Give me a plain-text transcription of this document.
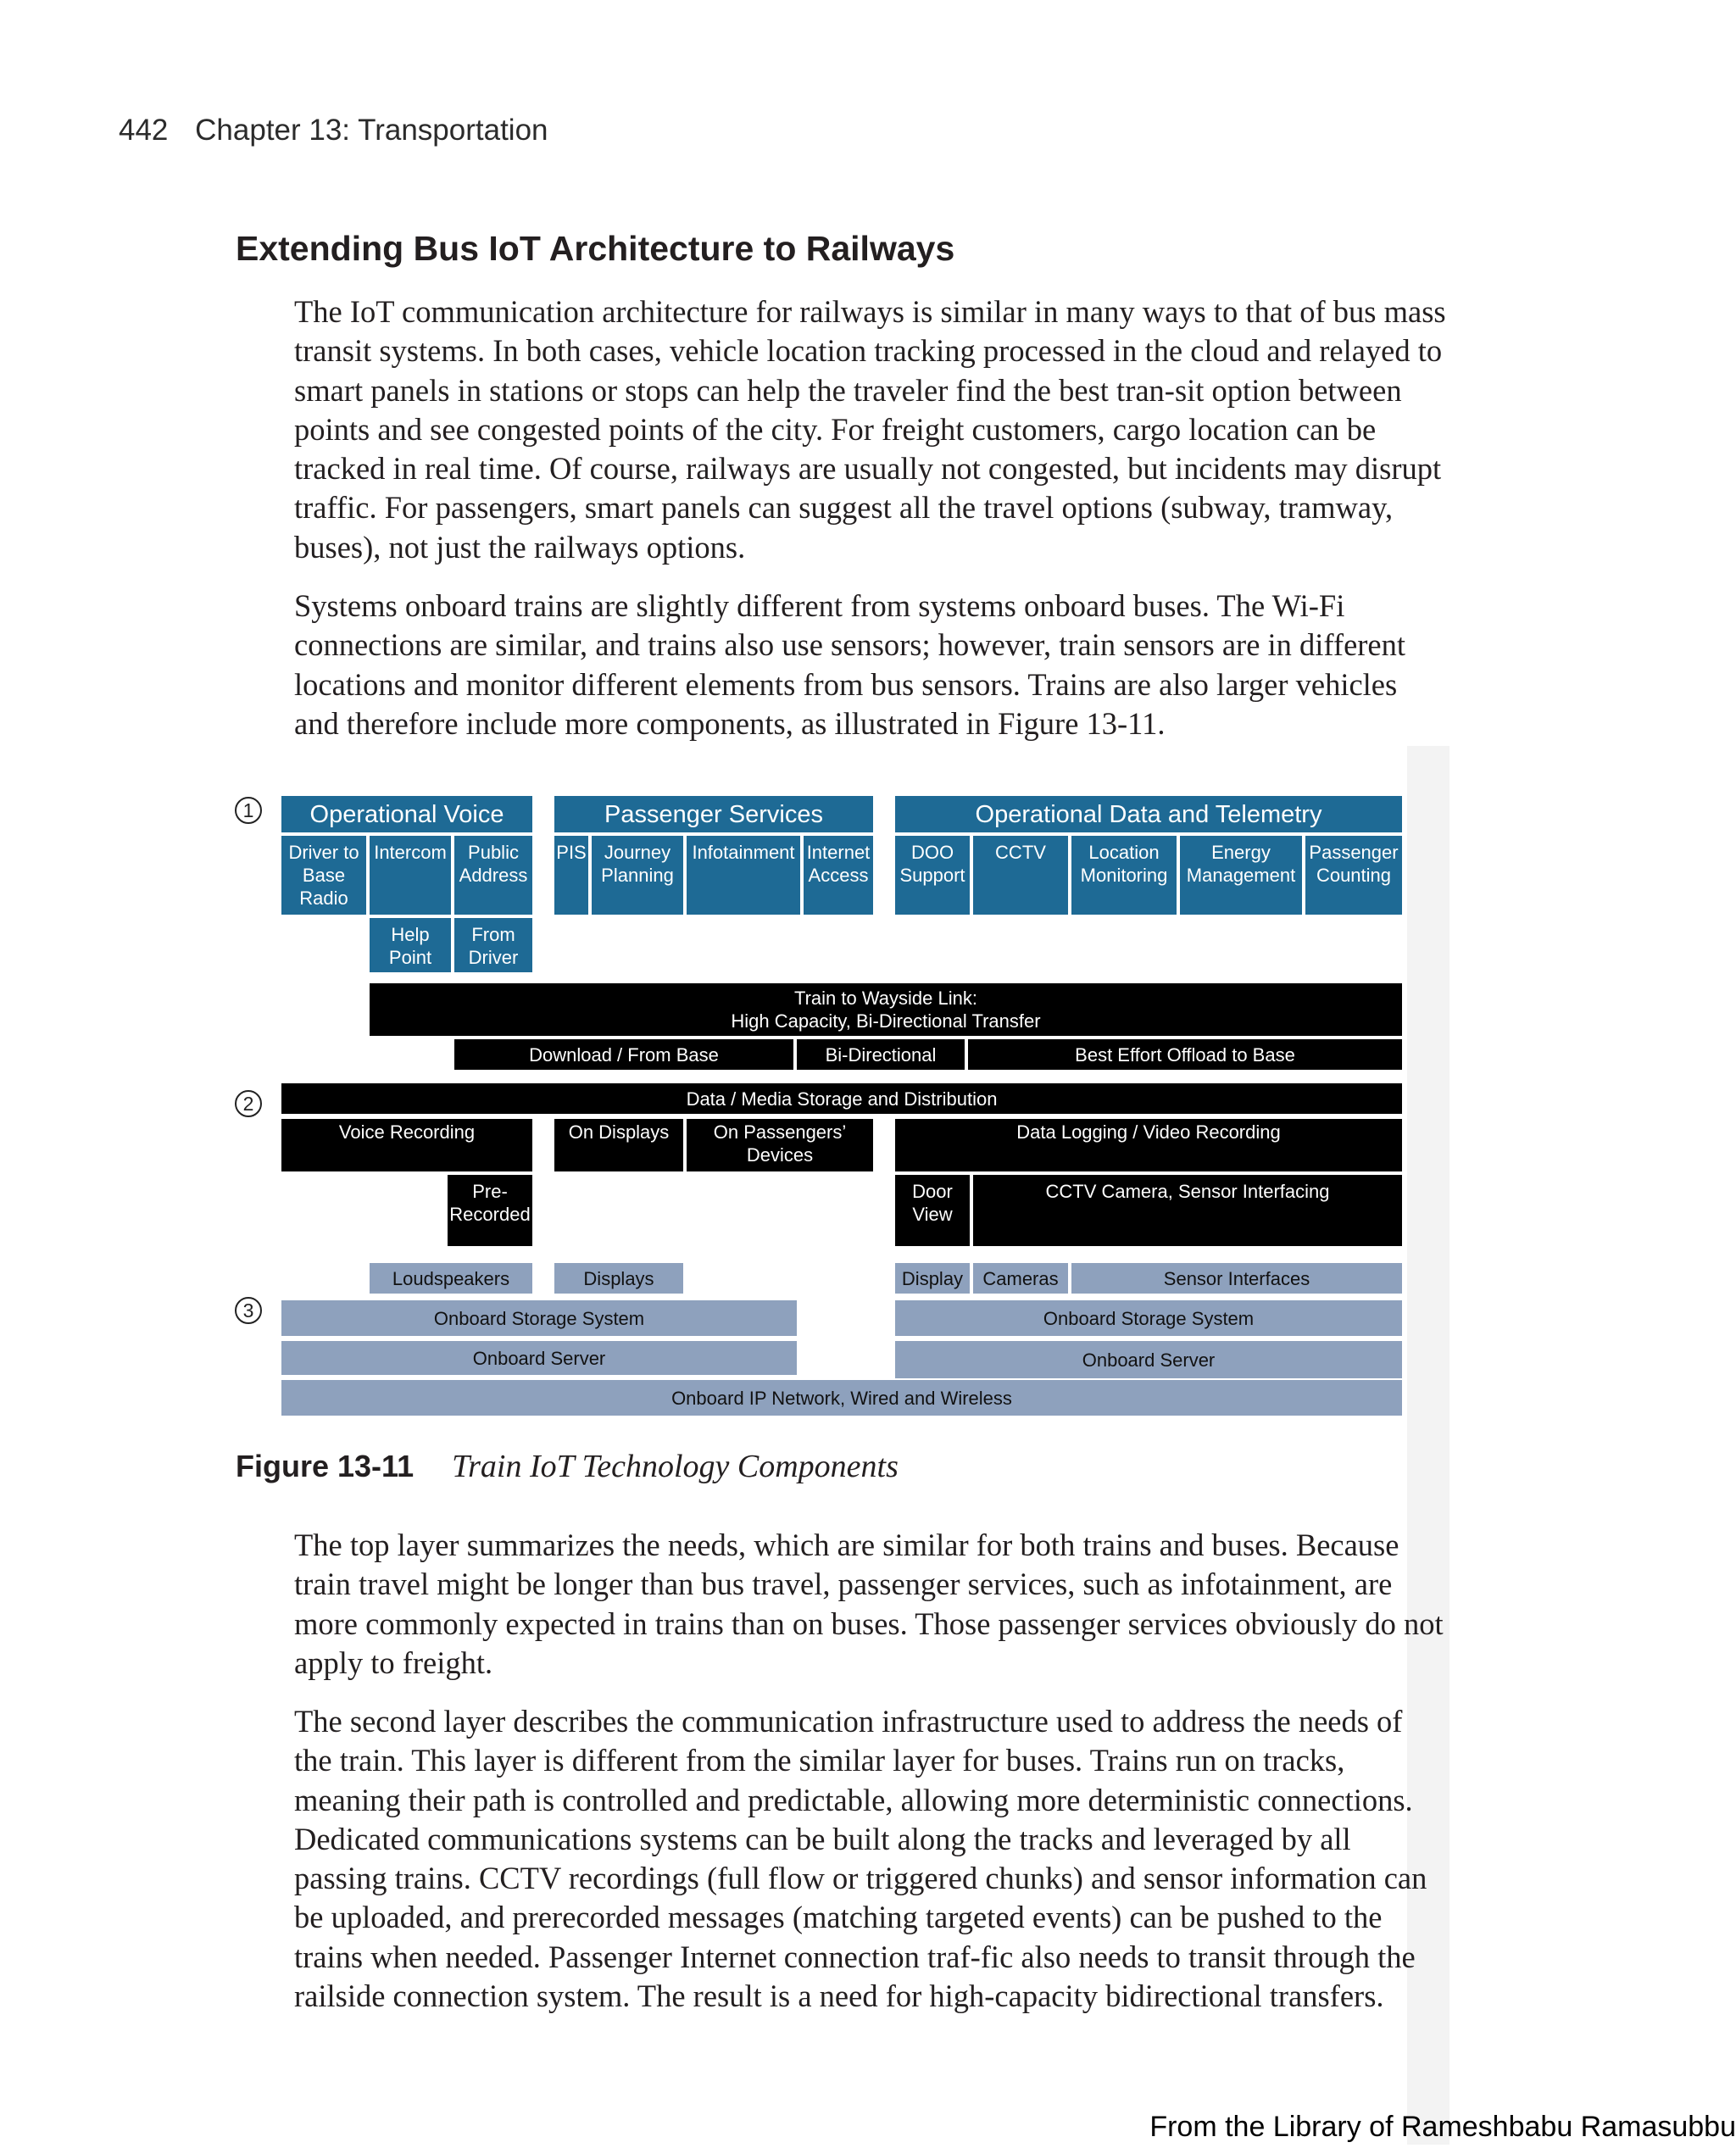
442 Chapter 13: Transportation
Extending Bus IoT Architecture to Railways

The IoT communication architecture for railways is similar in many ways to that of bus mass transit systems. In both cases, vehicle location tracking processed in the cloud and relayed to smart panels in stations or stops can help the traveler find the best tran-sit option between points and see congested points of the city. For freight customers, cargo location can be tracked in real time. Of course, railways are usually not congested, but incidents may disrupt traffic. For passengers, smart panels can suggest all the travel options (subway, tramway, buses), not just the railways options.

Systems onboard trains are slightly different from systems onboard buses. The Wi-Fi connections are similar, and trains also use sensors; however, train sensors are in different locations and monitor different elements from bus sensors. Trains are also larger vehicles and therefore include more components, as illustrated in Figure 13-11.

1
2
3
Operational Voice	Passenger Services	Operational Data and Telemetry
Driver to
Base
Radio
Intercom	Public
Address
Help
Point
From
Driver
PIS Journey
Planning
Infotainment Internet
Access
DOO
Support
CCTV	Location
Monitoring
Energy
Management
Passenger
Counting
Train to Wayside Link:
High Capacity, Bi-Directional Transfer
Download / From Base	Bi-Directional	Best Effort Offload to Base
Data / Media Storage and Distribution
Voice Recording	On Displays	On Passengers’
Devices
Data Logging / Video Recording
Pre-
Recorded
Door
View
CCTV Camera, Sensor Interfacing
Loudspeakers	Displays	Display	Cameras	Sensor Interfaces
Onboard Storage System	Onboard Storage System
Onboard Server	Onboard Server
Onboard IP Network, Wired and Wireless
Figure 13-11 Train IoT Technology Components

The top layer summarizes the needs, which are similar for both trains and buses. Because train travel might be longer than bus travel, passenger services, such as infotainment, are more commonly expected in trains than on buses. Those passenger services obviously do not apply to freight.

The second layer describes the communication infrastructure used to address the needs of the train. This layer is different from the similar layer for buses. Trains run on tracks, meaning their path is controlled and predictable, allowing more deterministic connections. Dedicated communications systems can be built along the tracks and leveraged by all passing trains. CCTV recordings (full flow or triggered chunks) and sensor information can be uploaded, and prerecorded messages (matching targeted events) can be pushed to the trains when needed. Passenger Internet connection traf-fic also needs to transit through the railside connection system. The result is a need for high-capacity bidirectional transfers.

From the Library of Rameshbabu Ramasubbu
